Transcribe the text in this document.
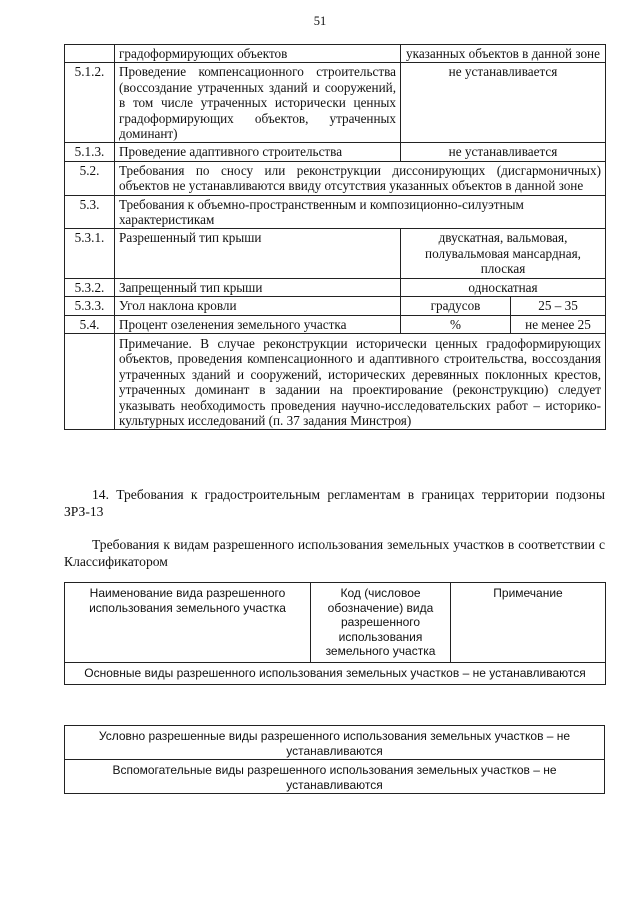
51
	градоформирующих объектов	указанных объектов в данной зоне	
5.1.2.	Проведение компенсационного строительства (воссоздание утраченных зданий и сооружений, в том числе утраченных исторически ценных градоформирующих объектов, утраченных доминант)	не устанавливается	
5.1.3.	Проведение адаптивного строительства	не устанавливается	
5.2.	Требования по сносу или реконструкции диссонирующих (дисгармоничных) объектов не устанавливаются ввиду отсутствия указанных объектов в данной зоне		
5.3.	Требования к объемно-пространственным и композиционно-силуэтным характеристикам		
5.3.1.	Разрешенный тип крыши	двускатная, вальмовая, полувальмовая мансардная, плоская	
5.3.2.	Запрещенный тип крыши	односкатная	
5.3.3.	Угол наклона кровли	градусов	25 – 35
5.4.	Процент озеленения земельного участка	%	не менее 25
	Примечание. В случае реконструкции исторически ценных градоформирующих объектов, проведения компенсационного и адаптивного строительства, воссоздания утраченных зданий и сооружений, исторических деревянных поклонных крестов, утраченных доминант в задании на проектирование (реконструкцию) следует указывать необходимость проведения научно-исследовательских работ – историко-культурных исследований (п. 37 задания Минстроя)		
14. Требования к градостроительным регламентам в границах территории подзоны ЗРЗ-13
Требования к видам разрешенного использования земельных участков в соответствии с Классификатором
Наименование вида разрешенного использования земельного участка	Код (числовое обозначение) вида разрешенного использования земельного участка	Примечание
Основные виды разрешенного использования земельных участков – не устанавливаются
Условно разрешенные виды разрешенного использования земельных участков – не устанавливаются
Вспомогательные виды разрешенного использования земельных участков – не устанавливаются
